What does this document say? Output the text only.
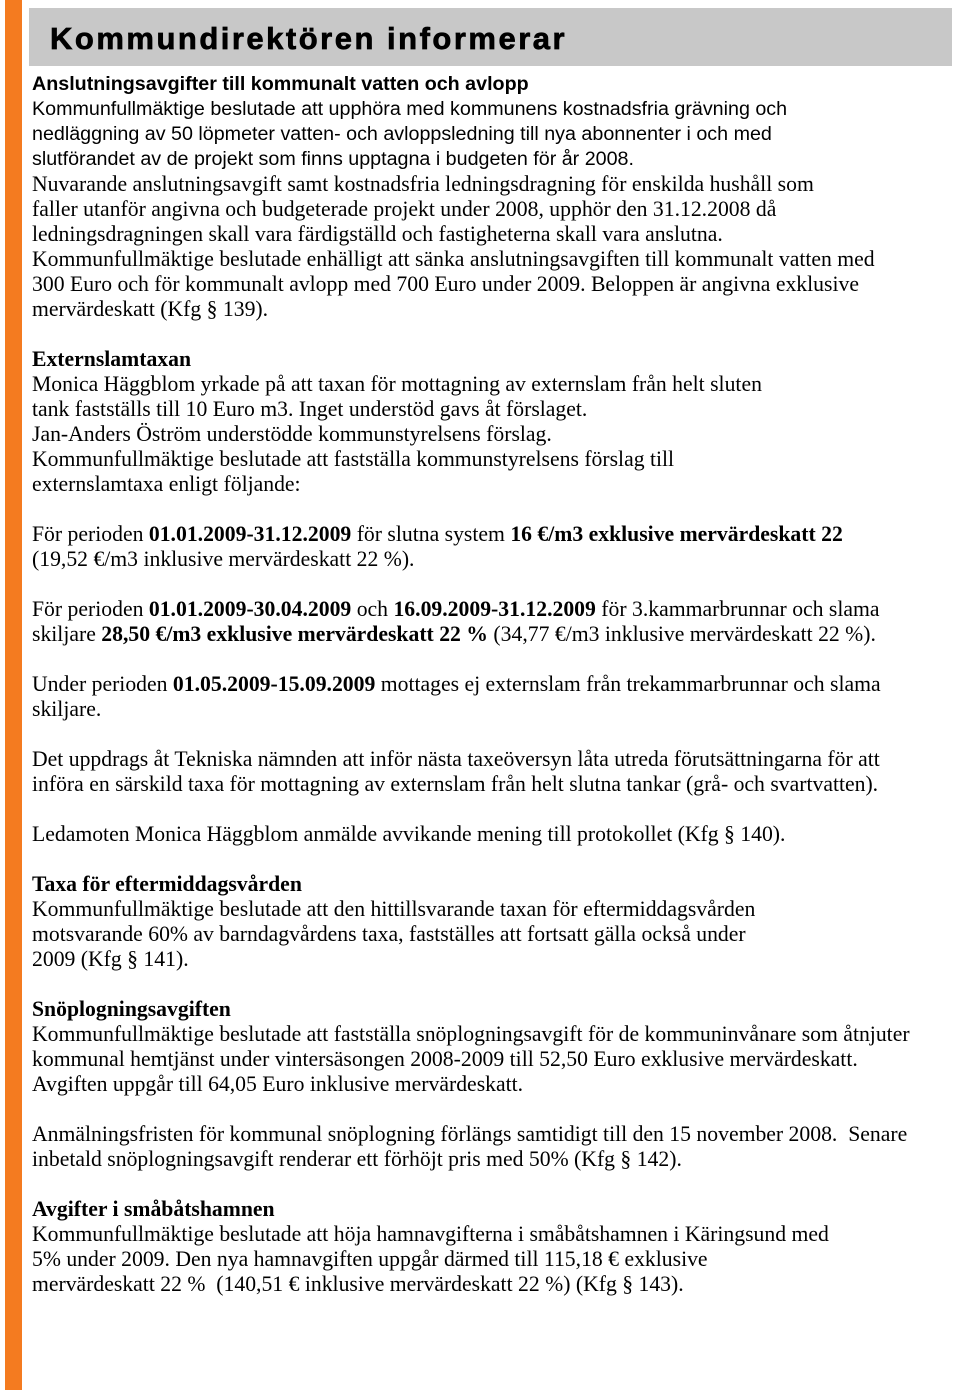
Kommundirektören informerar
Anslutningsavgifter till kommunalt vatten och avlopp
Kommunfullmäktige beslutade att upphöra med kommunens kostnadsfria grävning och
nedläggning av 50 löpmeter vatten- och avloppsledning till nya abonnenter i och med
slutförandet av de projekt som finns upptagna i budgeten för år 2008.
Nuvarande anslutningsavgift samt kostnadsfria ledningsdragning för enskilda hushåll som
faller utanför angivna och budgeterade projekt under 2008, upphör den 31.12.2008 då
ledningsdragningen skall vara färdigställd och fastigheterna skall vara anslutna.
Kommunfullmäktige beslutade enhälligt att sänka anslutningsavgiften till kommunalt vatten med
300 Euro och för kommunalt avlopp med 700 Euro under 2009. Beloppen är angivna exklusive
mervärdeskatt (Kfg § 139).
Externslamtaxan
Monica Häggblom yrkade på att taxan för mottagning av externslam från helt sluten
tank fastställs till 10 Euro m3. Inget understöd gavs åt förslaget.
Jan-Anders Öström understödde kommunstyrelsens förslag.
Kommunfullmäktige beslutade att fastställa kommunstyrelsens förslag till
externslamtaxa enligt följande:
För perioden 01.01.2009-31.12.2009 för slutna system 16 €/m3 exklusive mervärdeskatt 22
(19,52 €/m3 inklusive mervärdeskatt 22 %).
För perioden 01.01.2009-30.04.2009 och 16.09.2009-31.12.2009 för 3.kammarbrunnar och slama
skiljare 28,50 €/m3 exklusive mervärdeskatt 22 % (34,77 €/m3 inklusive mervärdeskatt 22 %).
Under perioden 01.05.2009-15.09.2009 mottages ej externslam från trekammarbrunnar och slama
skiljare.
Det uppdrags åt Tekniska nämnden att inför nästa taxeöversyn låta utreda förutsättningarna för att
införa en särskild taxa för mottagning av externslam från helt slutna tankar (grå- och svartvatten).
Ledamoten Monica Häggblom anmälde avvikande mening till protokollet (Kfg § 140).
Taxa för eftermiddagsvården
Kommunfullmäktige beslutade att den hittillsvarande taxan för eftermiddagsvården
motsvarande 60% av barndagvårdens taxa, fastställes att fortsatt gälla också under
2009 (Kfg § 141).
Snöplogningsavgiften
Kommunfullmäktige beslutade att fastställa snöplogningsavgift för de kommuninvånare som åtnjuter
kommunal hemtjänst under vintersäsongen 2008-2009 till 52,50 Euro exklusive mervärdeskatt.
Avgiften uppgår till 64,05 Euro inklusive mervärdeskatt.
Anmälningsfristen för kommunal snöplogning förlängs samtidigt till den 15 november 2008.  Senare
inbetald snöplogningsavgift renderar ett förhöjt pris med 50% (Kfg § 142).
Avgifter i småbåtshamnen
Kommunfullmäktige beslutade att höja hamnavgifterna i småbåtshamnen i Käringsund med
5% under 2009. Den nya hamnavgiften uppgår därmed till 115,18 € exklusive
mervärdeskatt 22 %  (140,51 € inklusive mervärdeskatt 22 %) (Kfg § 143).
